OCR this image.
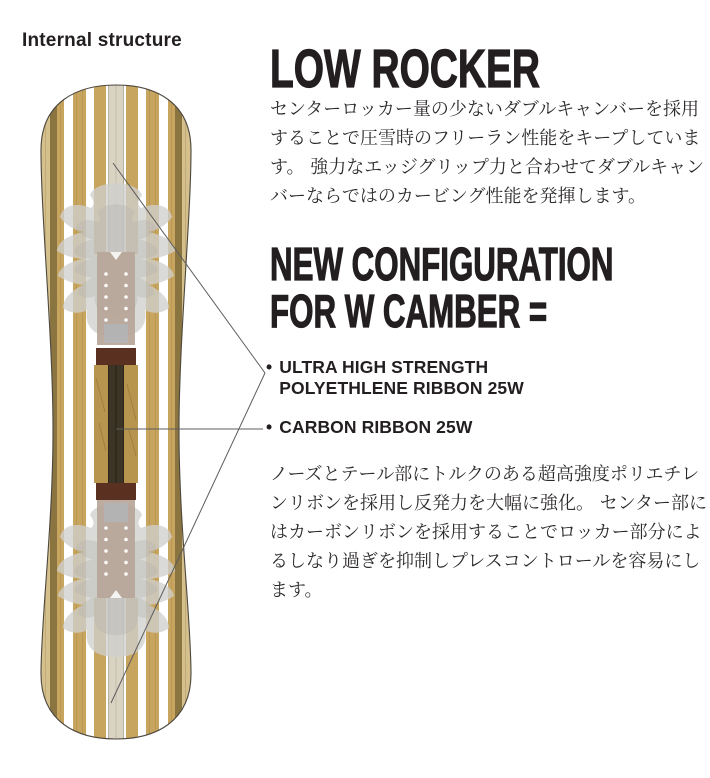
Internal structure LOW ROCKER
センターロッカー量の少ないダブルキャンバーを採用することで圧雪時のフリーラン性能をキープしています。 強力なエッジグリップ力と合わせてダブルキャンバーならではのカービング性能を発揮します。
NEW CONFIGURATION
FOR W CAMBER =
• ULTRA HIGH STRENGTH
POLYETHLENE RIBBON 25W
• CARBON RIBBON 25W
ノーズとテール部にトルクのある超高強度ポリエチレンリボンを採用し反発力を大幅に強化。 センター部にはカーボンリボンを採用することでロッカー部分によるしなり過ぎを抑制しプレスコントロールを容易にします。
